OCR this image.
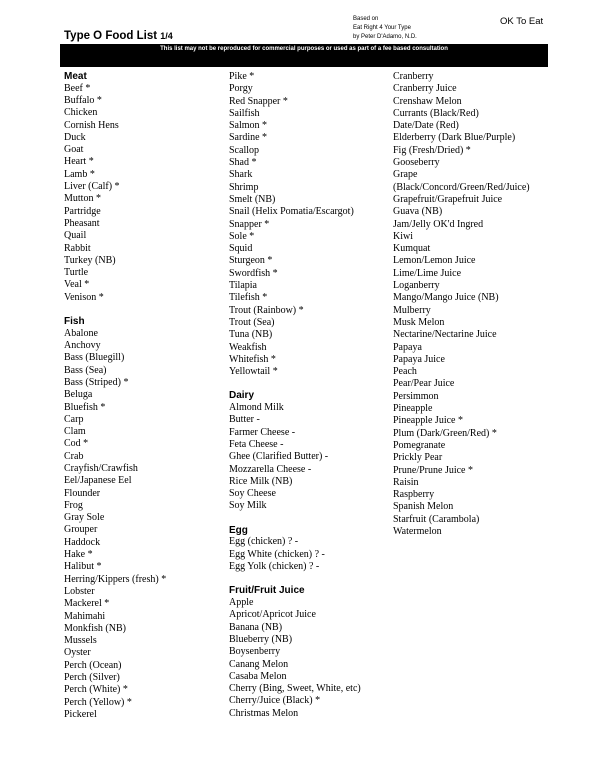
Type O Food List 1/4
Based on
Eat Right 4 Your Type
by Peter D'Adamo, N.D.
OK To Eat
This list may not be reproduced for commercial purposes or used as part of a fee based consultation
Meat
Beef *
Buffalo *
Chicken
Cornish Hens
Duck
Goat
Heart *
Lamb *
Liver (Calf) *
Mutton *
Partridge
Pheasant
Quail
Rabbit
Turkey (NB)
Turtle
Veal *
Venison *
Fish
Abalone
Anchovy
Bass (Bluegill)
Bass (Sea)
Bass (Striped) *
Beluga
Bluefish *
Carp
Clam
Cod *
Crab
Crayfish/Crawfish
Eel/Japanese Eel
Flounder
Frog
Gray Sole
Grouper
Haddock
Hake *
Halibut *
Herring/Kippers (fresh) *
Lobster
Mackerel *
Mahimahi
Monkfish (NB)
Mussels
Oyster
Perch (Ocean)
Perch (Silver)
Perch (White) *
Perch (Yellow) *
Pickerel
Pike *
Porgy
Red Snapper *
Sailfish
Salmon *
Sardine *
Scallop
Shad *
Shark
Shrimp
Smelt (NB)
Snail (Helix Pomatia/Escargot)
Snapper *
Sole *
Squid
Sturgeon *
Swordfish *
Tilapia
Tilefish *
Trout (Rainbow) *
Trout (Sea)
Tuna (NB)
Weakfish
Whitefish *
Yellowtail *
Dairy
Almond Milk
Butter -
Farmer Cheese -
Feta Cheese -
Ghee (Clarified Butter) -
Mozzarella Cheese -
Rice Milk (NB)
Soy Cheese
Soy Milk
Egg
Egg (chicken) ? -
Egg White (chicken) ? -
Egg Yolk (chicken) ? -
Fruit/Fruit Juice
Apple
Apricot/Apricot Juice
Banana (NB)
Blueberry (NB)
Boysenberry
Canang Melon
Casaba Melon
Cherry (Bing, Sweet, White, etc)
Cherry/Juice (Black) *
Christmas Melon
Cranberry
Cranberry Juice
Crenshaw Melon
Currants (Black/Red)
Date/Date (Red)
Elderberry (Dark Blue/Purple)
Fig (Fresh/Dried) *
Gooseberry
Grape
(Black/Concord/Green/Red/Juice)
Grapefruit/Grapefruit Juice
Guava (NB)
Jam/Jelly OK'd Ingred
Kiwi
Kumquat
Lemon/Lemon Juice
Lime/Lime Juice
Loganberry
Mango/Mango Juice (NB)
Mulberry
Musk Melon
Nectarine/Nectarine Juice
Papaya
Papaya Juice
Peach
Pear/Pear Juice
Persimmon
Pineapple
Pineapple Juice *
Plum (Dark/Green/Red) *
Pomegranate
Prickly Pear
Prune/Prune Juice *
Raisin
Raspberry
Spanish Melon
Starfruit (Carambola)
Watermelon
